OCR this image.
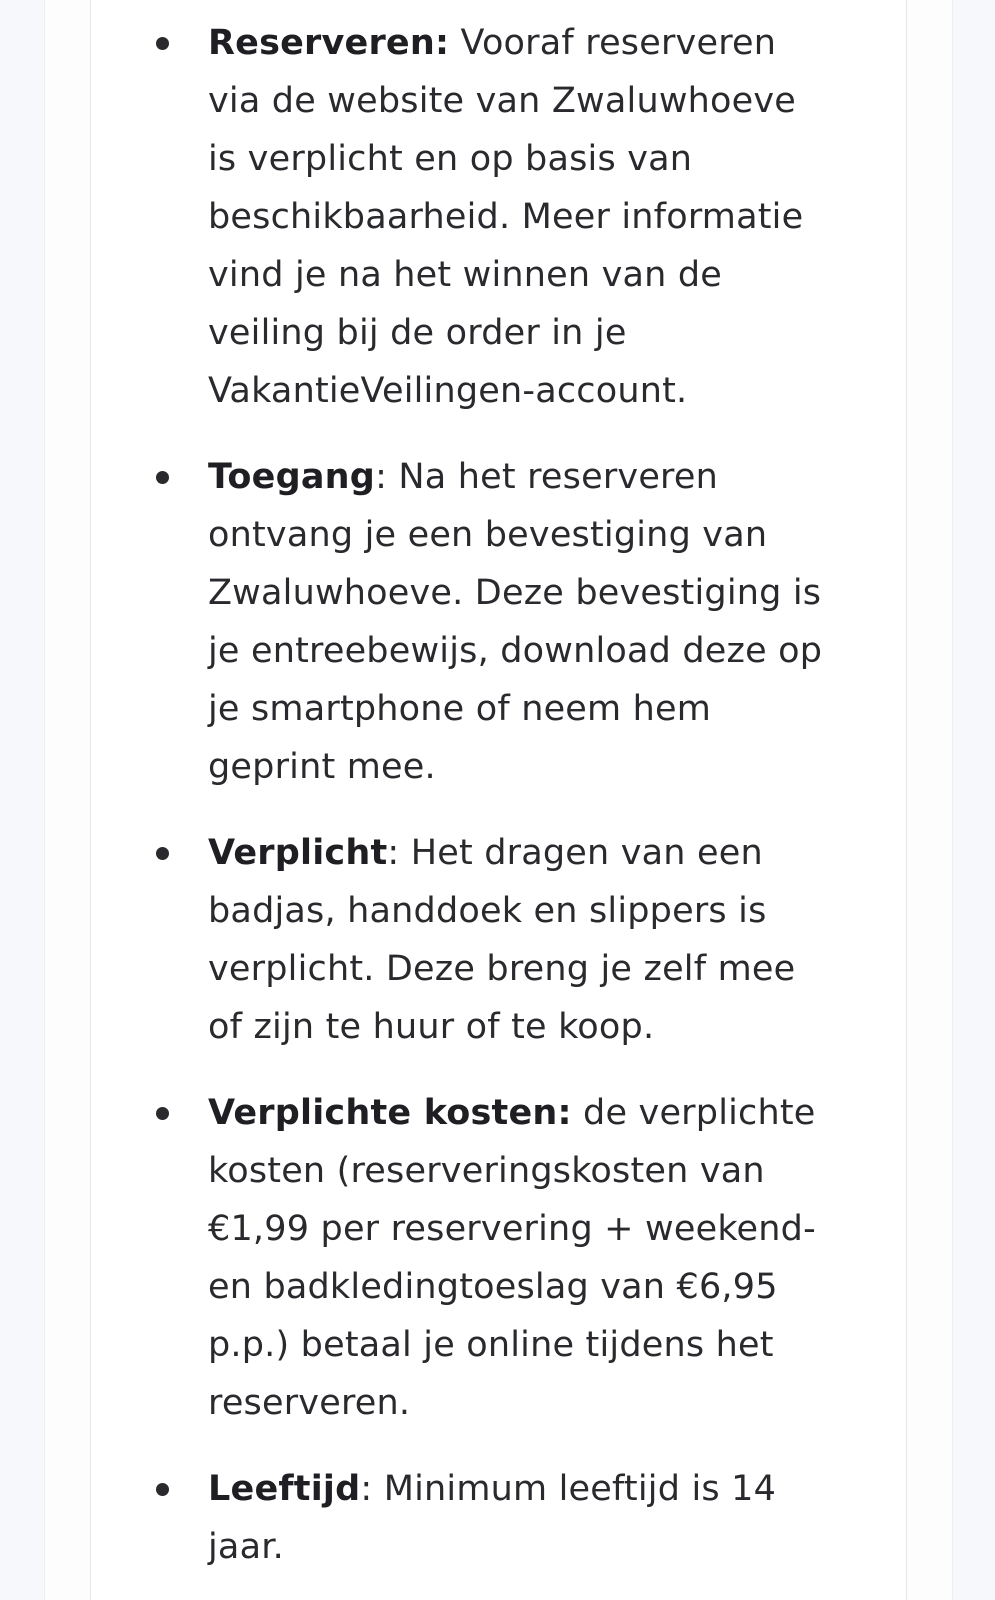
Reserveren: Vooraf reserveren via de website van Zwaluwhoeve is verplicht en op basis van beschikbaarheid. Meer informatie vind je na het winnen van de veiling bij de order in je VakantieVeilingen-account.
Toegang: Na het reserveren ontvang je een bevestiging van Zwaluwhoeve. Deze bevestiging is je entreebewijs, download deze op je smartphone of neem hem geprint mee.
Verplicht: Het dragen van een badjas, handdoek en slippers is verplicht. Deze breng je zelf mee of zijn te huur of te koop.
Verplichte kosten: de verplichte kosten (reserveringskosten van €1,99 per reservering + weekend- en badkledingtoeslag van €6,95 p.p.) betaal je online tijdens het reserveren.
Leeftijd: Minimum leeftijd is 14 jaar.
